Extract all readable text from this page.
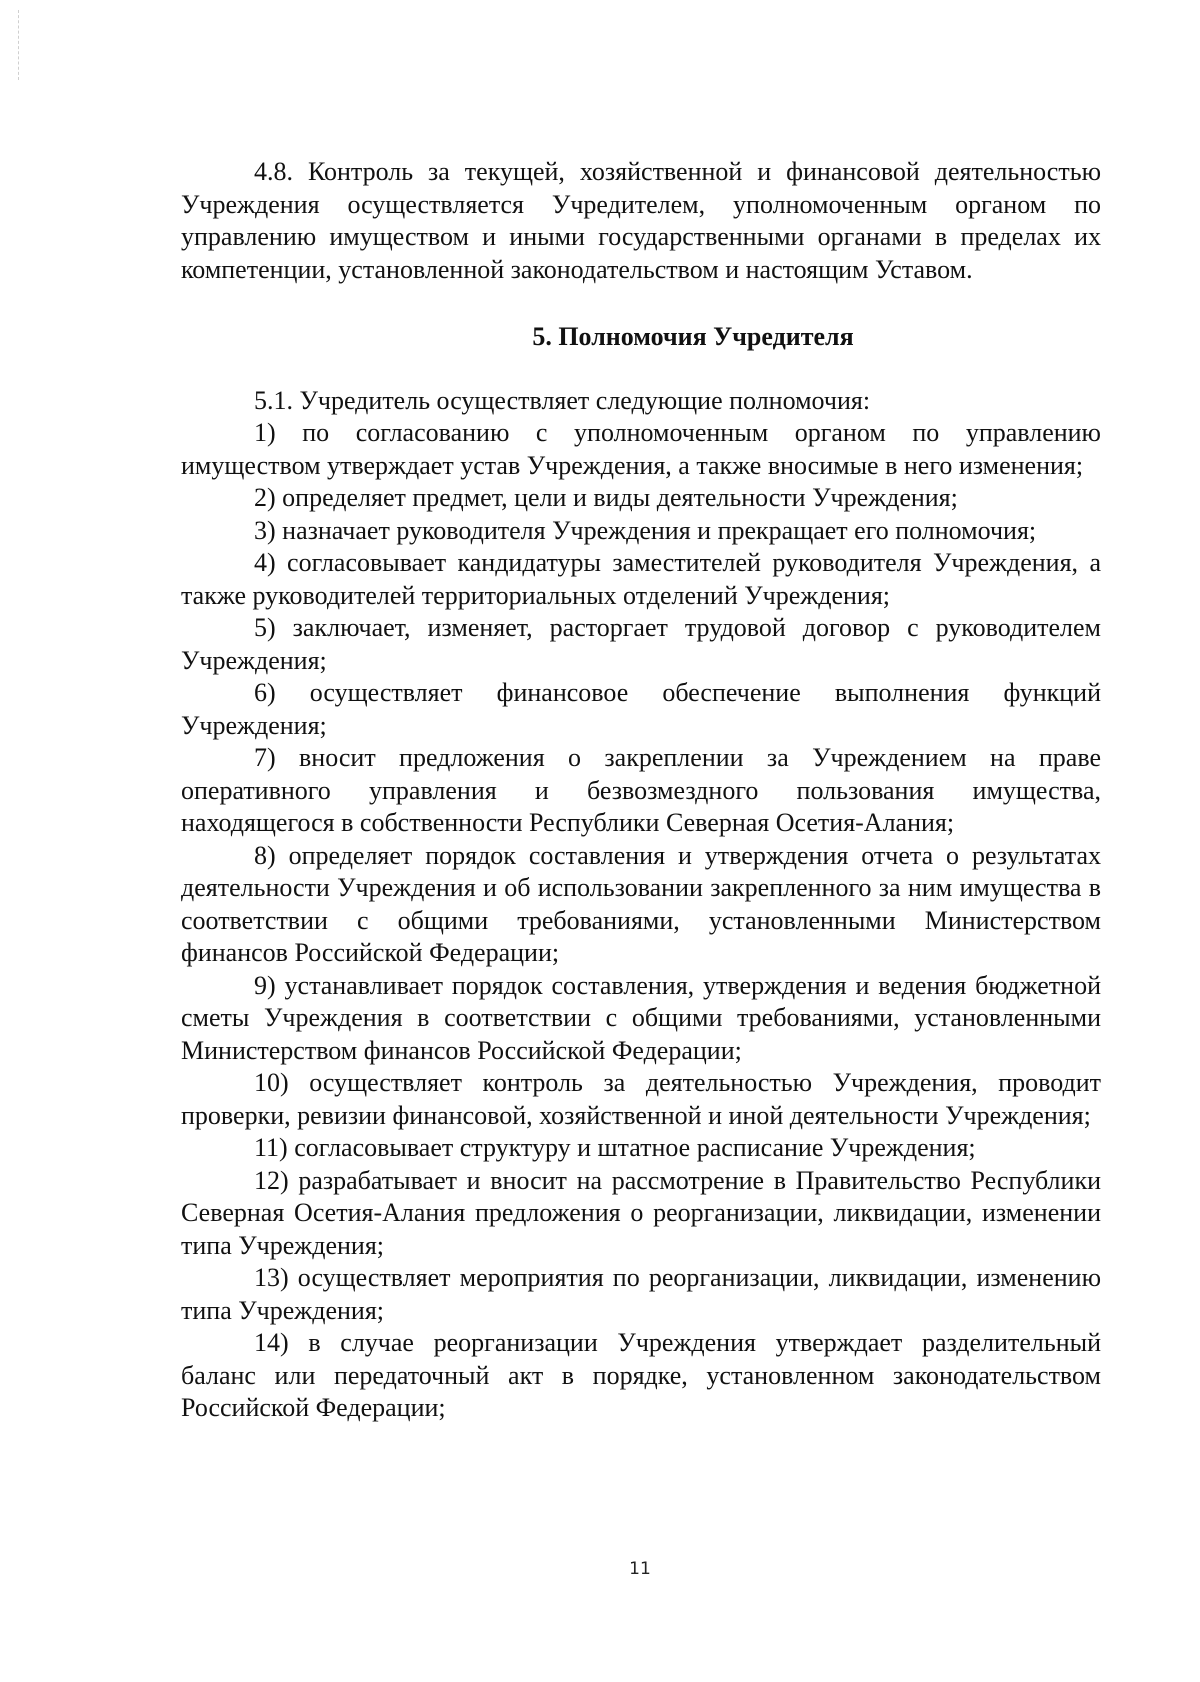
4.8. Контроль за текущей, хозяйственной и финансовой деятельностью Учреждения осуществляется Учредителем, уполномоченным органом по управлению имуществом и иными государственными органами в пределах их компетенции, установленной законодательством и настоящим Уставом.

5. Полномочия Учредителя

5.1. Учредитель осуществляет следующие полномочия:

1) по согласованию с уполномоченным органом по управлению имуществом утверждает устав Учреждения, а также вносимые в него изменения;

2) определяет предмет, цели и виды деятельности Учреждения;

3) назначает руководителя Учреждения и прекращает его полномочия;

4) согласовывает кандидатуры заместителей руководителя Учреждения, а также руководителей территориальных отделений Учреждения;

5) заключает, изменяет, расторгает трудовой договор с руководителем Учреждения;

6) осуществляет финансовое обеспечение выполнения функций Учреждения;

7) вносит предложения о закреплении за Учреждением на праве оперативного управления и безвозмездного пользования имущества, находящегося в собственности Республики Северная Осетия-Алания;

8) определяет порядок составления и утверждения отчета о результатах деятельности Учреждения и об использовании закрепленного за ним имущества в соответствии с общими требованиями, установленными Министерством финансов Российской Федерации;

9) устанавливает порядок составления, утверждения и ведения бюджетной сметы Учреждения в соответствии с общими требованиями, установленными Министерством финансов Российской Федерации;

10) осуществляет контроль за деятельностью Учреждения, проводит проверки, ревизии финансовой, хозяйственной и иной деятельности Учреждения;

11) согласовывает структуру и штатное расписание Учреждения;

12) разрабатывает и вносит на рассмотрение в Правительство Республики Северная Осетия-Алания предложения о реорганизации, ликвидации, изменении типа Учреждения;

13) осуществляет мероприятия по реорганизации, ликвидации, изменению типа Учреждения;

14) в случае реорганизации Учреждения утверждает разделительный баланс или передаточный акт в порядке, установленном законодательством Российской Федерации;

11
